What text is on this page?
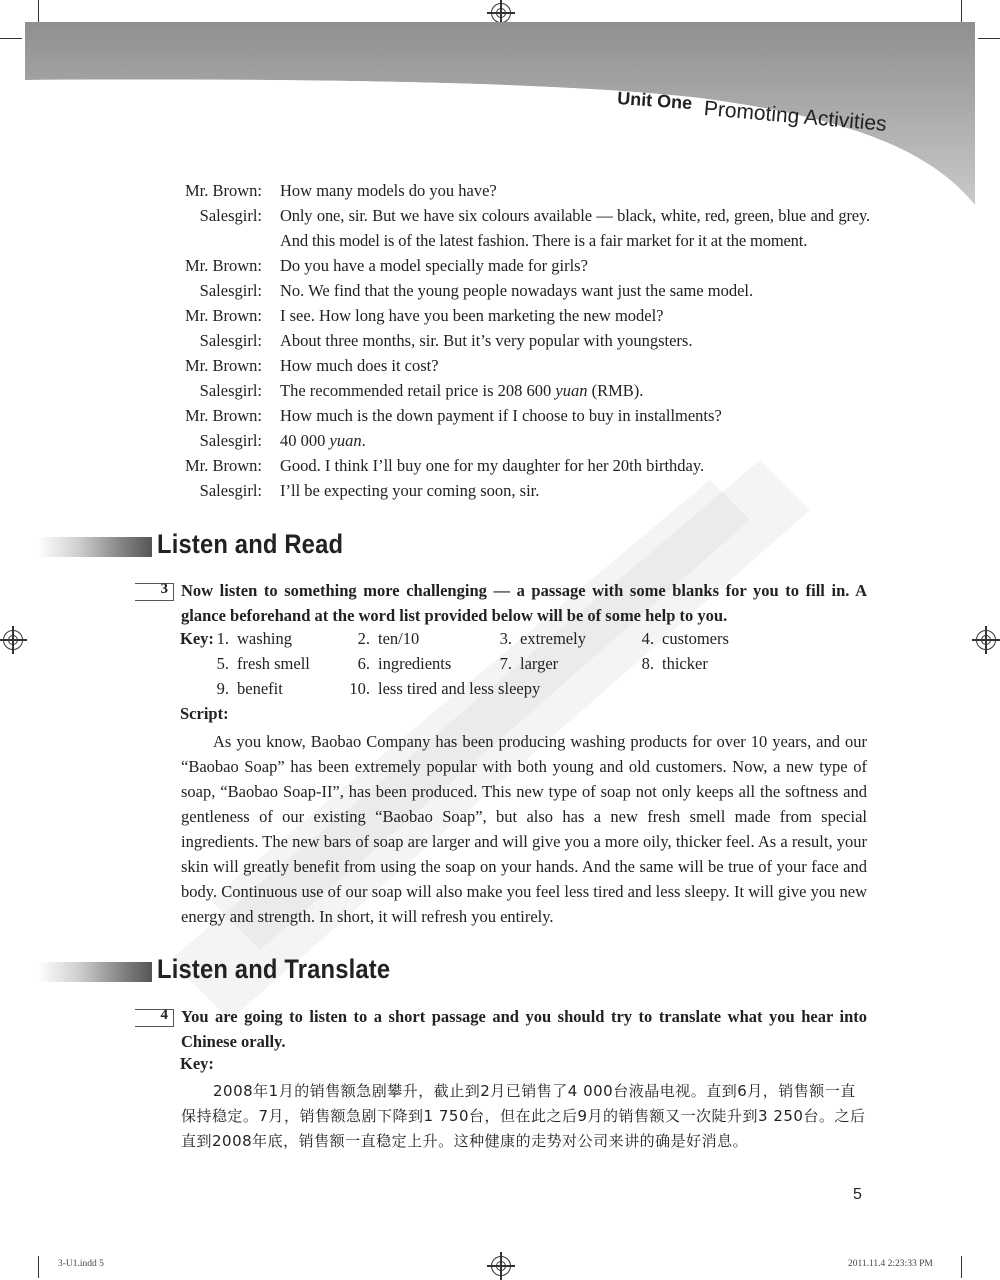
Unit One Promoting Activities
Mr. Brown: How many models do you have?
Salesgirl: Only one, sir. But we have six colours available — black, white, red, green, blue and grey. And this model is of the latest fashion. There is a fair market for it at the moment.
Mr. Brown: Do you have a model specially made for girls?
Salesgirl: No. We find that the young people nowadays want just the same model.
Mr. Brown: I see. How long have you been marketing the new model?
Salesgirl: About three months, sir. But it’s very popular with youngsters.
Mr. Brown: How much does it cost?
Salesgirl: The recommended retail price is 208 600 yuan (RMB).
Mr. Brown: How much is the down payment if I choose to buy in installments?
Salesgirl: 40 000 yuan.
Mr. Brown: Good. I think I’ll buy one for my daughter for her 20th birthday.
Salesgirl: I’ll be expecting your coming soon, sir.
Listen and Read
3 Now listen to something more challenging — a passage with some blanks for you to fill in. A glance beforehand at the word list provided below will be of some help to you.
Key: 1. washing	2. ten/10	3. extremely	4. customers
5. fresh smell	6. ingredients	7. larger	8. thicker
9. benefit	10. less tired and less sleepy
Script:
As you know, Baobao Company has been producing washing products for over 10 years, and our “Baobao Soap” has been extremely popular with both young and old customers. Now, a new type of soap, “Baobao Soap-II”, has been produced. This new type of soap not only keeps all the softness and gentleness of our existing “Baobao Soap”, but also has a new fresh smell made from special ingredients. The new bars of soap are larger and will give you a more oily, thicker feel. As a result, your skin will greatly benefit from using the soap on your hands. And the same will be true of your face and body. Continuous use of our soap will also make you feel less tired and less sleepy. It will give you new energy and strength. In short, it will refresh you entirely.
Listen and Translate
4 You are going to listen to a short passage and you should try to translate what you hear into Chinese orally.
Key:
2008年1月的销售额急剧攀升，截止到2月已销售了4 000台液晶电视。直到6月，销售额一直保持稳定。7月，销售额急剧下降到1 750台，但在此之后9月的销售额又一次陡升到3 250台。之后直到2008年底，销售额一直稳定上升。这种健康的走势对公司来讲的确是好消息。
5
3-U1.indd 5	2011.11.4 2:23:33 PM
